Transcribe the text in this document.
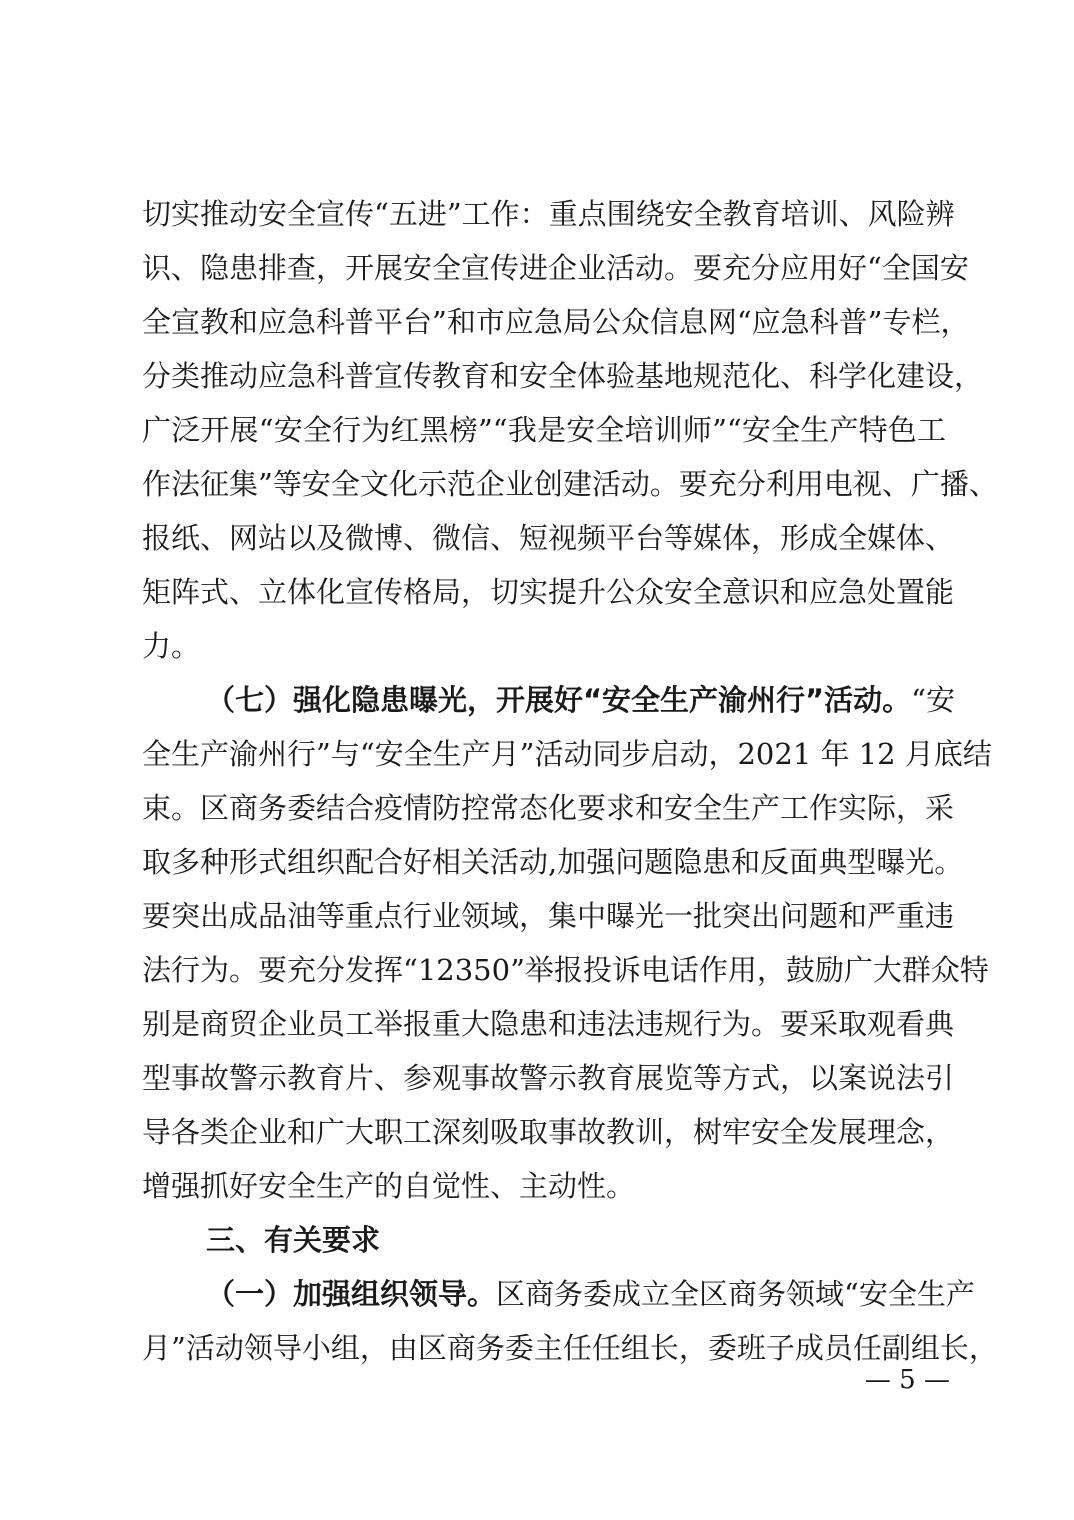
切实推动安全宣传“五进”工作：重点围绕安全教育培训、风险辨
识、隐患排查，开展安全宣传进企业活动。要充分应用好“全国安
全宣教和应急科普平台”和市应急局公众信息网“应急科普”专栏，
分类推动应急科普宣传教育和安全体验基地规范化、科学化建设，
广泛开展“安全行为红黑榜”“我是安全培训师”“安全生产特色工
作法征集”等安全文化示范企业创建活动。要充分利用电视、广播、
报纸、网站以及微博、微信、短视频平台等媒体，形成全媒体、
矩阵式、立体化宣传格局，切实提升公众安全意识和应急处置能
力。
（七）强化隐患曝光，开展好“安全生产渝州行”活动。“安
全生产渝州行”与“安全生产月”活动同步启动，2021 年 12 月底结
束。区商务委结合疫情防控常态化要求和安全生产工作实际，采
取多种形式组织配合好相关活动,加强问题隐患和反面典型曝光。
要突出成品油等重点行业领域，集中曝光一批突出问题和严重违
法行为。要充分发挥“12350”举报投诉电话作用，鼓励广大群众特
别是商贸企业员工举报重大隐患和违法违规行为。要采取观看典
型事故警示教育片、参观事故警示教育展览等方式，以案说法引
导各类企业和广大职工深刻吸取事故教训，树牢安全发展理念，
增强抓好安全生产的自觉性、主动性。
三、有关要求
（一）加强组织领导。区商务委成立全区商务领域“安全生产
月”活动领导小组，由区商务委主任任组长，委班子成员任副组长，
— 5 —
